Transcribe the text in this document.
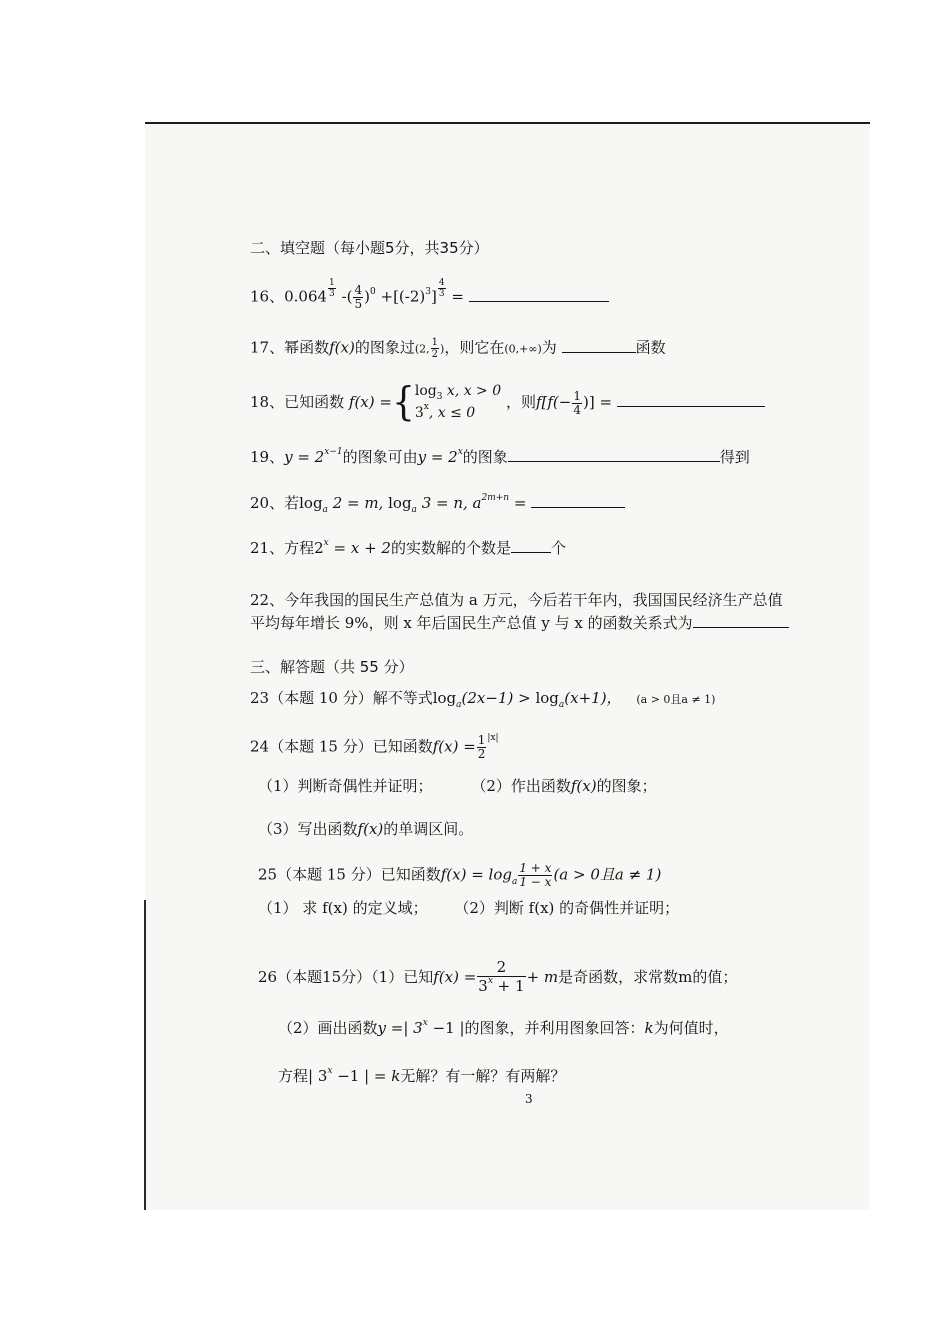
二、填空题（每小题5分，共35分）
16、$0.064 \frac{1}{3}$ -( $\frac{4}{5} )^0 +[(-2)^3] \frac{4}{3}$ =
17、幂函数f(x)的图象过(2, $\frac{1}{2}$ )，则它在(0,+∞)为	函数
18、已知函数 f(x) ={ $\log_3 x$, x > 0
3$^x$, x ≤ 0
，则$f[f(- \frac{1}{4}$ )] =
19、$y = 2^{x-1}$的图象可由$y = 2^x$的图象	得到
20、若$\log_a 2 = m$, $\log_a 3 = n$, $a^{2m+n}$ =
21、方程$2^x = x + 2$的实数解的个数是	个
22、今年我国的国民生产总值为 a 万元，今后若干年内，我国国民经济生产总值
平均每年增长 9%，则 x 年后国民生产总值 y 与 x 的函数关系式为
三、解答题（共 55 分）
23（本题 10 分）解不等式$\log_a(2x-1) > \log_a(x+1)$， (a > 0且a ≠ 1)
24（本题 15 分）已知函数$f(x) = \frac{1}{2} ^{|x|}$
（1）判断奇偶性并证明；	（2）作出函数f(x)的图象；
（3）写出函数f(x)的单调区间。
25（本题 15 分）已知函数$f(x) = \log_a \frac{1 + x}{1 - x} (a > 0$且a ≠ 1)
（1） 求 f(x) 的定义域； （2）判断 f(x) 的奇偶性并证明；
26（本题15分）（1）已知$f(x) = \frac{2}{3^x + 1} + m$是奇函数，求常数m的值；
（2）画出函数y =| $3^x -1$ |的图象，并利用图象回答：k为何值时，
方程| $3^x -1$ | = k无解？有一解？有两解？
3
